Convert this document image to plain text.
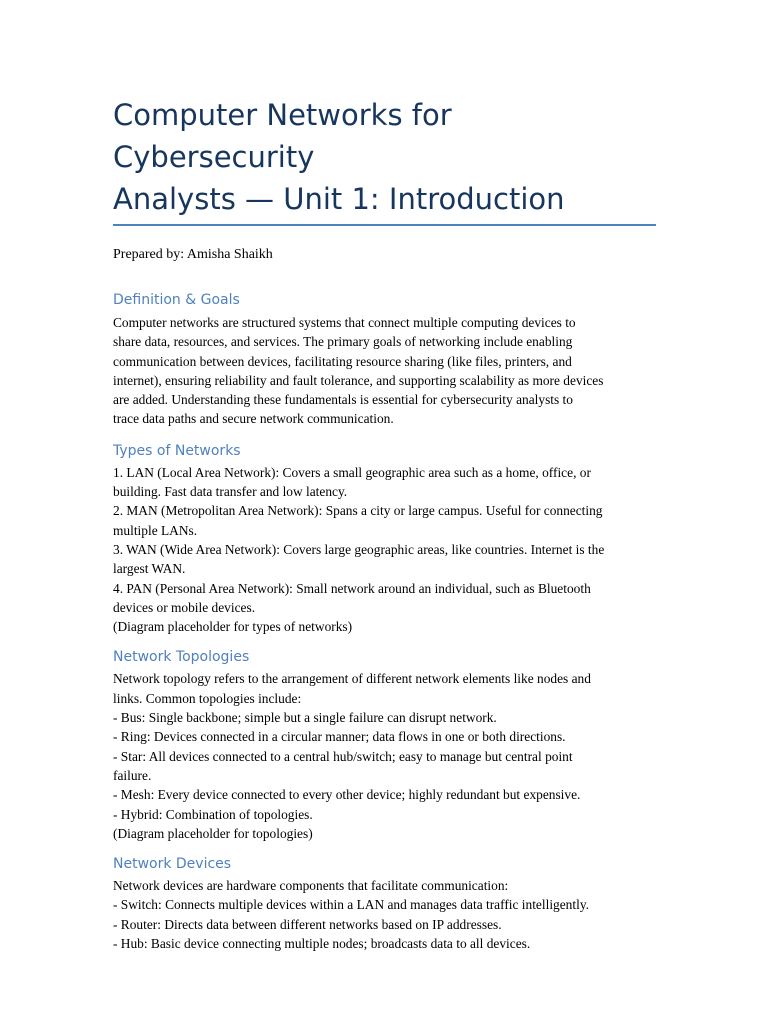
Computer Networks for Cybersecurity
Analysts — Unit 1: Introduction

Prepared by: Amisha Shaikh

Definition & Goals

Computer networks are structured systems that connect multiple computing devices to
share data, resources, and services. The primary goals of networking include enabling
communication between devices, facilitating resource sharing (like files, printers, and
internet), ensuring reliability and fault tolerance, and supporting scalability as more devices
are added. Understanding these fundamentals is essential for cybersecurity analysts to
trace data paths and secure network communication.

Types of Networks

1. LAN (Local Area Network): Covers a small geographic area such as a home, office, or
building. Fast data transfer and low latency.
2. MAN (Metropolitan Area Network): Spans a city or large campus. Useful for connecting
multiple LANs.
3. WAN (Wide Area Network): Covers large geographic areas, like countries. Internet is the
largest WAN.
4. PAN (Personal Area Network): Small network around an individual, such as Bluetooth
devices or mobile devices.
(Diagram placeholder for types of networks)

Network Topologies

Network topology refers to the arrangement of different network elements like nodes and
links. Common topologies include:
- Bus: Single backbone; simple but a single failure can disrupt network.
- Ring: Devices connected in a circular manner; data flows in one or both directions.
- Star: All devices connected to a central hub/switch; easy to manage but central point
failure.
- Mesh: Every device connected to every other device; highly redundant but expensive.
- Hybrid: Combination of topologies.
(Diagram placeholder for topologies)

Network Devices

Network devices are hardware components that facilitate communication:
- Switch: Connects multiple devices within a LAN and manages data traffic intelligently.
- Router: Directs data between different networks based on IP addresses.
- Hub: Basic device connecting multiple nodes; broadcasts data to all devices.
